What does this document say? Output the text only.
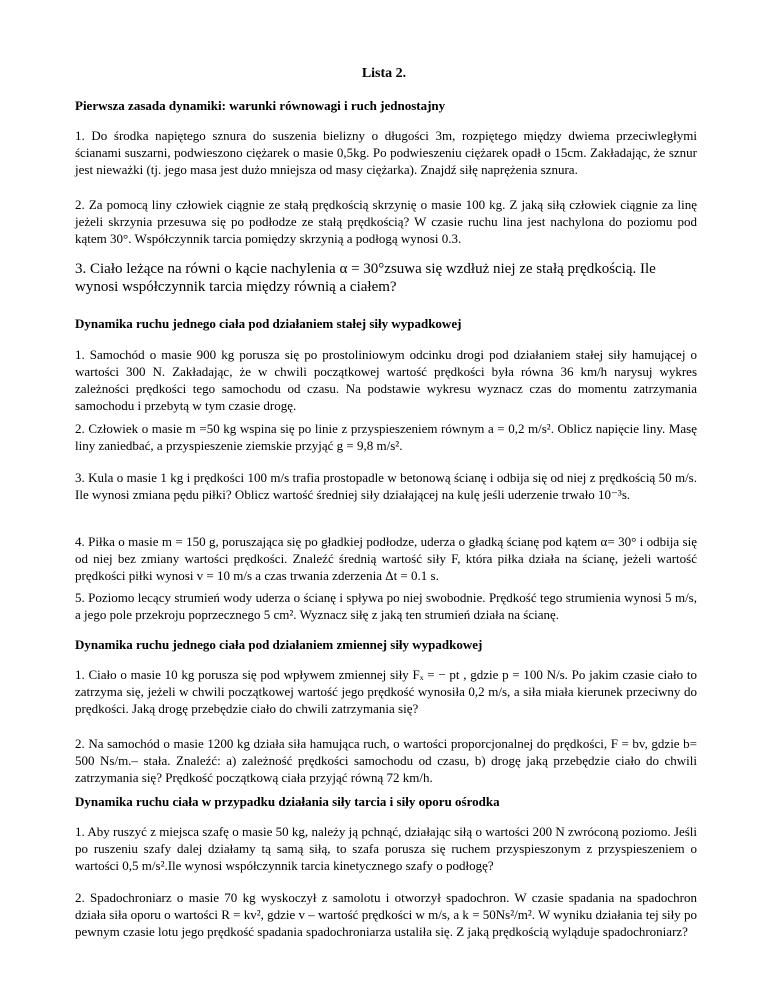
Lista 2.
Pierwsza zasada dynamiki: warunki równowagi i ruch jednostajny
1. Do środka napiętego sznura do suszenia bielizny o długości 3m, rozpiętego między dwiema przeciwległymi ścianami suszarni, podwieszono ciężarek o masie 0,5kg. Po podwieszeniu ciężarek opadł o 15cm. Zakładając, że sznur jest nieważki (tj. jego masa jest dużo mniejsza od masy ciężarka). Znajdź siłę naprężenia sznura.
2. Za pomocą liny człowiek ciągnie ze stałą prędkością skrzynię o masie 100 kg. Z jaką siłą człowiek ciągnie za linę jeżeli skrzynia przesuwa się po podłodze ze stałą prędkością? W czasie ruchu lina jest nachylona do poziomu pod kątem 30°. Współczynnik tarcia pomiędzy skrzynią a podłogą wynosi 0.3.
3. Ciało leżące na równi o kącie nachylenia α = 30°zsuwa się wzdłuż niej ze stałą prędkością. Ile wynosi współczynnik tarcia między równią a ciałem?
Dynamika ruchu jednego ciała pod działaniem stałej siły wypadkowej
1. Samochód o masie 900 kg porusza się po prostoliniowym odcinku drogi pod działaniem stałej siły hamującej o wartości 300 N. Zakładając, że w chwili początkowej wartość prędkości była równa 36 km/h narysuj wykres zależności prędkości tego samochodu od czasu. Na podstawie wykresu wyznacz czas do momentu zatrzymania samochodu i przebytą w tym czasie drogę.
2. Człowiek o masie m =50 kg wspina się po linie z przyspieszeniem równym a = 0,2 m/s². Oblicz napięcie liny. Masę liny zaniedbać, a przyspieszenie ziemskie przyjąć g = 9,8 m/s².
3. Kula o masie 1 kg i prędkości 100 m/s trafia prostopadle w betonową ścianę i odbija się od niej z prędkością 50 m/s. Ile wynosi zmiana pędu piłki? Oblicz wartość średniej siły działającej na kulę jeśli uderzenie trwało 10⁻³s.
4. Piłka o masie m = 150 g, poruszająca się po gładkiej podłodze, uderza o gładką ścianę pod kątem α= 30° i odbija się od niej bez zmiany wartości prędkości. Znaleźć średnią wartość siły F, która piłka działa na ścianę, jeżeli wartość prędkości piłki wynosi v = 10 m/s a czas trwania zderzenia Δt = 0.1 s.
5. Poziomo lecący strumień wody uderza o ścianę i spływa po niej swobodnie. Prędkość tego strumienia wynosi 5 m/s, a jego pole przekroju poprzecznego 5 cm². Wyznacz siłę z jaką ten strumień działa na ścianę.
Dynamika ruchu jednego ciała pod działaniem zmiennej siły wypadkowej
1. Ciało o masie 10 kg porusza się pod wpływem zmiennej siły Fₓ = − pt , gdzie p = 100 N/s. Po jakim czasie ciało to zatrzyma się, jeżeli w chwili początkowej wartość jego prędkość wynosiła 0,2 m/s, a siła miała kierunek przeciwny do prędkości. Jaką drogę przebędzie ciało do chwili zatrzymania się?
2. Na samochód o masie 1200 kg działa siła hamująca ruch, o wartości proporcjonalnej do prędkości, F = bv, gdzie b= 500 Ns/m.– stała. Znaleźć: a) zależność prędkości samochodu od czasu, b) drogę jaką przebędzie ciało do chwili zatrzymania się? Prędkość początkową ciała przyjąć równą 72 km/h.
Dynamika ruchu ciała w przypadku działania siły tarcia i siły oporu ośrodka
1. Aby ruszyć z miejsca szafę o masie 50 kg, należy ją pchnąć, działając siłą o wartości 200 N zwróconą poziomo. Jeśli po ruszeniu szafy dalej działamy tą samą siłą, to szafa porusza się ruchem przyspieszonym z przyspieszeniem o wartości 0,5 m/s².Ile wynosi współczynnik tarcia kinetycznego szafy o podłogę?
2. Spadochroniarz o masie 70 kg wyskoczył z samolotu i otworzył spadochron. W czasie spadania na spadochron działa siła oporu o wartości R = kv², gdzie v – wartość prędkości w m/s, a k = 50Ns²/m². W wyniku działania tej siły po pewnym czasie lotu jego prędkość spadania spadochroniarza ustaliła się. Z jaką prędkością wyląduje spadochroniarz?
